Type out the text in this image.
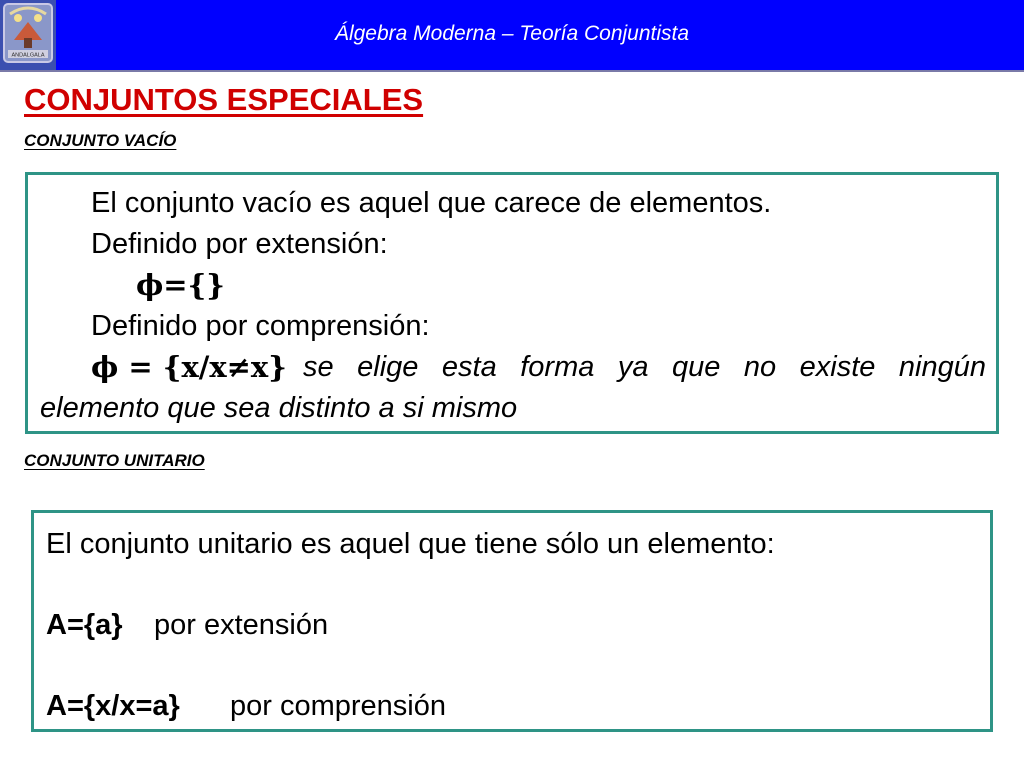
ANDALGALA
Álgebra Moderna – Teoría Conjuntista
CONJUNTOS ESPECIALES
CONJUNTO VACÍO
El conjunto vacío es aquel que carece de elementos.
Definido por extensión:
ϕ={}
Definido por comprensión:
ϕ = {x/x≠x} se elige esta forma ya que no existe ningún
elemento que sea distinto a si mismo
CONJUNTO UNITARIO
El conjunto unitario es aquel que tiene sólo un elemento:
A={a} por extensión
A={x/x=a} por comprensión
